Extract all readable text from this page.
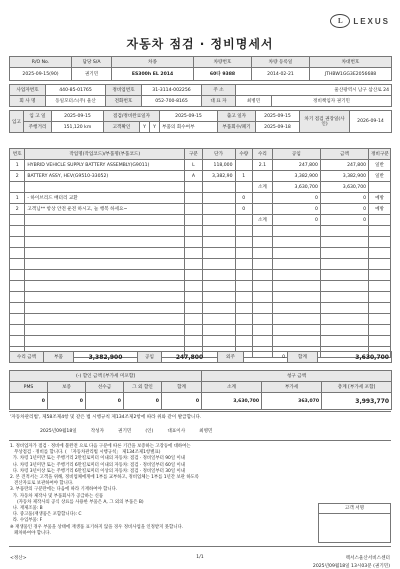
L LEXUS
자동차 점검 · 정비명세서
R/O No.	담당 S/A	차종	차량번호	차량 등록일	차대번호
2025-09-15(90)	권기민	ES300h EL 2014	60다 9388	2014-02-21	JTHBW1GG3E2056688
사업자번호	440-85-01765	정비업번호	31-3114-002256	주 소	울산광역시 남구 삼산로 24	
회 사 명	동일모터스(주) 울산	전화번호	052-700-8165	대 표 자	최병민	정비책임자 권기민
입고	입 고 일	2025-09-15	점검/정비완료일자			2025-09-15	출고 일자	2025-09-15	차기 점검 권장일(사인)	2026-09-14
	주행거리	151,120 km	고객확인	Y	Y	부품의 회수여부	부품회수/폐기	2025-09-18		
번호	작업명(작업코드)/부품명(부품코드)	구분	단가	수량	수리	공임	금액	정비구분
1	HYBRID VEHICLE SUPPLY BATTERY ASSEMBLY(G9011)	L	118,000		2.1	247,800	247,800	일반
2	BATTERY ASSY, HEV(G9510-33052)	A	3,382,90	1		3,382,900	3,382,900	일반
					소계	3,630,700	3,630,700	
1	- 하이브리드 배터리 교환			0		0	0	예방
2	고객님** 항상 안전 운전 하시고, 늘 행복 하세요~			0		0	0	예방
					소계	0	0	

수리 금액	부품	3,382,900	공임	247,800	외주	0	합계	3,630,700
(-) 할인 금액 [부가세 미포함]					청구 금액		
PMS	보증	선수금	그 외 할인	합계	소계	부가세	총계 [부가세 포함]
0	0	0	0	0	3,630,700	363,070	3,993,770
'자동차관리법', 제58조제4항 및 같은 법 시행규칙 제134조제2항에 따라 위와 같이 발급합니다.
2025년09월18일	작성자	권기민	(인)	대표이사	최병민
1. 정비업자가 점검 · 정비에 불완전 으로 다음 구분에 따른 기간을 보증하는 고장등에 대하여는
무상점검 · 정비를 합니다. ( 「자동차관리법 시행규칙」 제134조제1항별표)
가. 차령 1년미만 또는 주행거리 2만킬로미터 이내의 자동차: 점검 · 정비일부터 90일 이내
나. 차령 3년미만 또는 주행거리 6만킬로미터 이내의 자동차: 점검 · 정비일부터 60일 이내
다. 차령 3년이상 또는 주행거리 6만킬로미터 이상의 자동차: 점검 · 정비일부터 30일 이내
2. 본 견적서는 고객을 위해, 정비업체에게에 1부를 교부하고, 정비업체는 1부를 1년간 보관 하도록
전산자료로 보관하여야 합니다.
3. 부품란의 구분란에는 다음에 따라 기재하여야 합니다.
가. 자동차 제작사 및 부품회사가 공급하는 신품
(자동차 제작사의 공식 상표를 사용한 부품은 A, 그 외의 부품은 B)
나. 재제조품: B
다. 중고품(재생품은 포함합니다): C
라. 수입부품: F
※ 재생품인 경우 부품을 상태에 재생품 표기하지 않을 경우 정비사업을 인정받지 못합니다.
폐차하여야 합니다.
고객 서명
<정산>	1/1	렉서스울산서비스센터
2025년09월18일 13시03분 (권기민)
